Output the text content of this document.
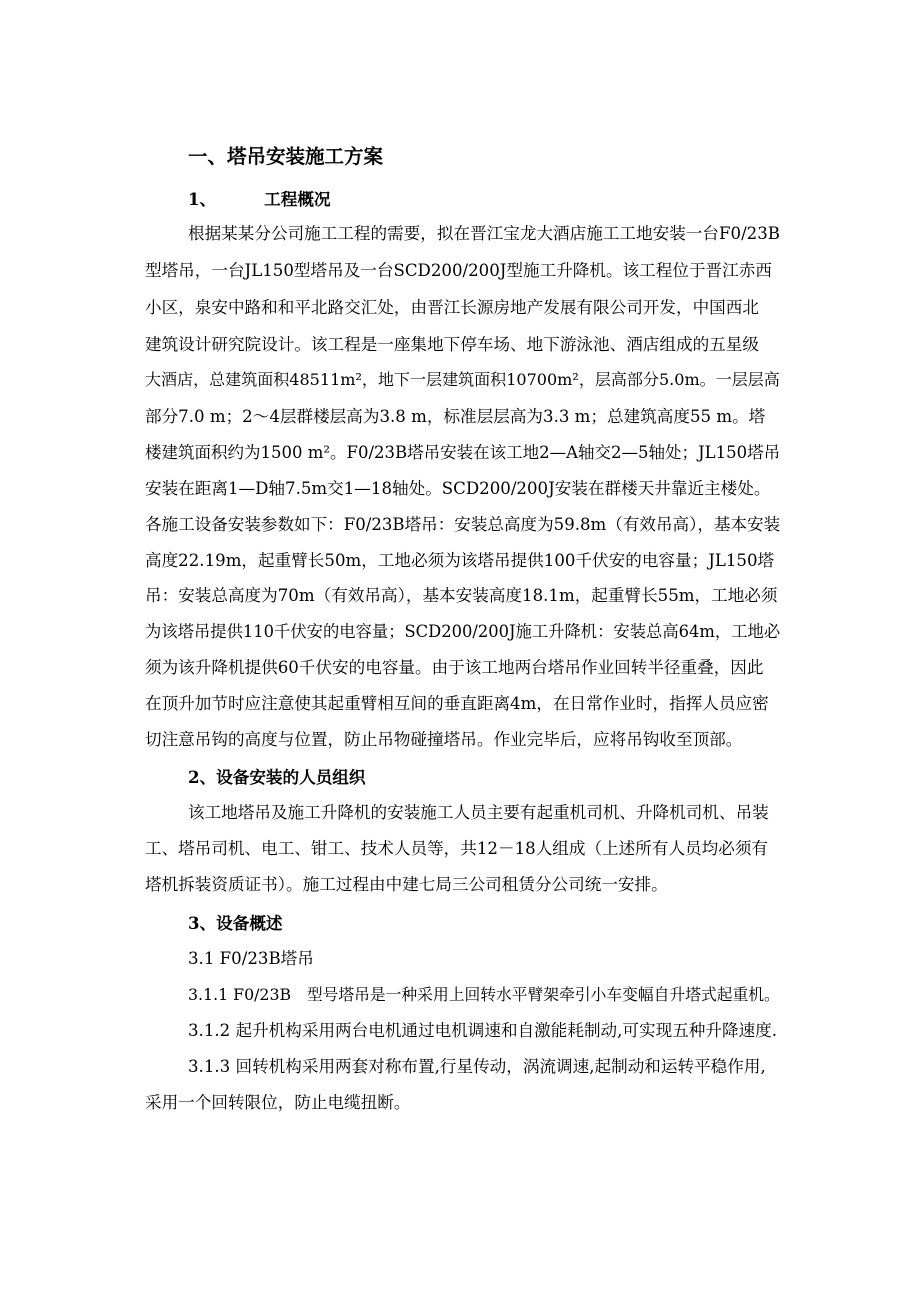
一、塔吊安装施工方案
1、	工程概况
根据某某分公司施工工程的需要，拟在晋江宝龙大酒店施工工地安装一台F0/23B
型塔吊，一台JL150型塔吊及一台SCD200/200J型施工升降机。该工程位于晋江赤西
小区，泉安中路和和平北路交汇处，由晋江长源房地产发展有限公司开发，中国西北
建筑设计研究院设计。该工程是一座集地下停车场、地下游泳池、酒店组成的五星级
大酒店，总建筑面积48511m²，地下一层建筑面积10700m²，层高部分5.0m。一层层高
部分7.0 m；2～4层群楼层高为3.8 m，标准层层高为3.3 m；总建筑高度55 m。塔
楼建筑面积约为1500 m²。F0/23B塔吊安装在该工地2—A轴交2—5轴处；JL150塔吊
安装在距离1—D轴7.5m交1—18轴处。SCD200/200J安装在群楼天井靠近主楼处。
各施工设备安装参数如下：F0/23B塔吊：安装总高度为59.8m（有效吊高），基本安装
高度22.19m，起重臂长50m，工地必须为该塔吊提供100千伏安的电容量；JL150塔
吊：安装总高度为70m（有效吊高），基本安装高度18.1m，起重臂长55m，工地必须
为该塔吊提供110千伏安的电容量；SCD200/200J施工升降机：安装总高64m，工地必
须为该升降机提供60千伏安的电容量。由于该工地两台塔吊作业回转半径重叠，因此
在顶升加节时应注意使其起重臂相互间的垂直距离4m，在日常作业时，指挥人员应密
切注意吊钩的高度与位置，防止吊物碰撞塔吊。作业完毕后，应将吊钩收至顶部。
2、设备安装的人员组织
该工地塔吊及施工升降机的安装施工人员主要有起重机司机、升降机司机、吊装
工、塔吊司机、电工、钳工、技术人员等，共12－18人组成（上述所有人员均必须有
塔机拆装资质证书）。施工过程由中建七局三公司租赁分公司统一安排。
3、设备概述
3.1 F0/23B塔吊
3.1.1 F0/23B　型号塔吊是一种采用上回转水平臂架牵引小车变幅自升塔式起重机。
3.1.2 起升机构采用两台电机通过电机调速和自激能耗制动,可实现五种升降速度.
3.1.3 回转机构采用两套对称布置,行星传动，涡流调速,起制动和运转平稳作用,
采用一个回转限位，防止电缆扭断。
